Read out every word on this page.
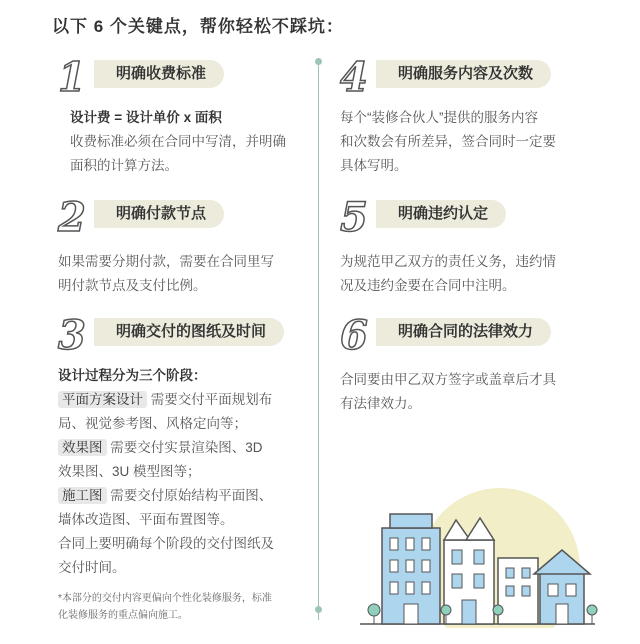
以下 6 个关键点，帮你轻松不踩坑：
1	明确收费标准
设计费 = 设计单价 x 面积
收费标准必须在合同中写清，并明确
面积的计算方法。
2	明确付款节点
如果需要分期付款，需要在合同里写
明付款节点及支付比例。
3	明确交付的图纸及时间
设计过程分为三个阶段：
平面方案设计 需要交付平面规划布
局、视觉参考图、风格定向等；
效果图 需要交付实景渲染图、3D
效果图、3U 模型图等；
施工图 需要交付原始结构平面图、
墙体改造图、平面布置图等。
合同上要明确每个阶段的交付图纸及
交付时间。
*本部分的交付内容更偏向个性化装修服务，标准
化装修服务的重点偏向施工。
4	明确服务内容及次数
每个“装修合伙人”提供的服务内容
和次数会有所差异，签合同时一定要
具体写明。
5	明确违约认定
为规范甲乙双方的责任义务，违约情
况及违约金要在合同中注明。
6	明确合同的法律效力
合同要由甲乙双方签字或盖章后才具
有法律效力。
